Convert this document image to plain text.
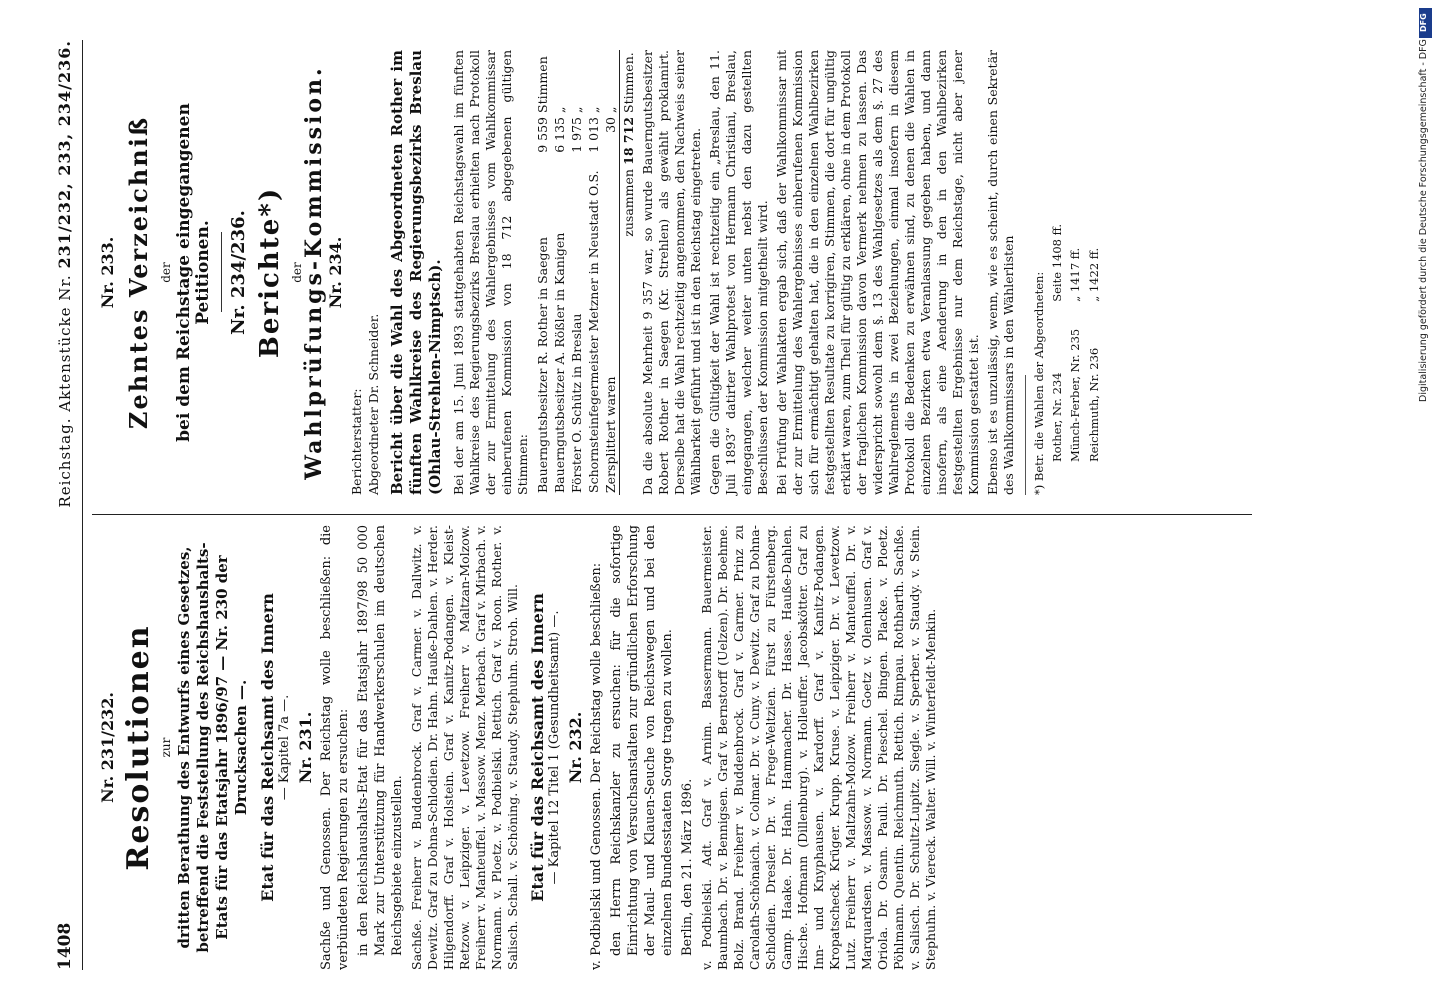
1408
Reichstag. Aktenstücke Nr. 231/232, 233, 234/236.
Nr. 231/232. Resolutionen zur dritten Berathung des Entwurfs eines Gesetzes, betreffend die Feststellung des Reichshaushalts-Etats für das Etatsjahr 1896/97 — Nr. 230 der Drucksachen —. Etat für das Reichsamt des Innern — Kapitel 7a —. Nr. 231. Sachße und Genossen. Der Reichstag wolle beschließen: die verbündeten Regierungen zu ersuchen: in den Reichshaushalts-Etat für das Etatsjahr 1897/98 50 000 Mark zur Unterstützung für Handwerkerschulen im deutschen Reichsgebiete einzustellen. Sachße. Freiherr v. Buddenbrock. Graf v. Carmer. v. Dallwitz. v. Dewitz. Graf zu Dohna-Schlodien. Dr. Hahn. Hauße-Dahlen. v. Herder. Hilgendorff. Graf v. Holstein. Graf v. Kanitz-Podangen. v. Kleist-Retzow. v. Leipziger. v. Levetzow. Freiherr v. Maltzan-Molzow. Freiherr v. Manteuffel. v. Massow. Menz. Merbach. Graf v. Mirbach. v. Normann. v. Ploetz. v. Podbielski. Rettich. Graf v. Roon. Rother. v. Salisch. Schall. v. Schöning. v. Staudy. Stephuhn. Stroh. Will. Etat für das Reichsamt des Innern — Kapitel 12 Titel 1 (Gesundheitsamt) —. Nr. 232. v. Podbielski und Genossen. Der Reichstag wolle beschließen: den Herrn Reichskanzler zu ersuchen: für die sofortige Einrichtung von Versuchsanstalten zur gründlichen Erforschung der Maul- und Klauen-Seuche von Reichswegen und bei den einzelnen Bundesstaaten Sorge tragen zu wollen. Berlin, den 21. März 1896. v. Podbielski. Adt. Graf v. Arnim. Bassermann. Bauermeister. Baumbach. Dr. v. Bennigsen. Graf v. Bernstorff (Uelzen). Dr. Boehme. Bolz. Brand. Freiherr v. Buddenbrock. Graf v. Carmer. Prinz zu Carolath-Schönaich. v. Colmar. Dr. v. Cuny. v. Dewitz. Graf zu Dohna-Schlodien. Dresler. Dr. v. Frege-Weltzien. Fürst zu Fürstenberg. Gamp. Haake. Dr. Hahn. Hammacher. Dr. Hasse. Hauße-Dahlen. Hische. Hofmann (Dillenburg). v. Holleuffer. Jacobskötter. Graf zu Inn- und Knyphausen. v. Kardorff. Graf v. Kanitz-Podangen. Kropatscheck. Krüger. Krupp. Kruse. v. Leipziger. Dr. v. Levetzow. Lutz. Freiherr v. Maltzahn-Molzow. Freiherr v. Manteuffel. Dr. v. Marquardsen. v. Massow. v. Normann. Goetz v. Olenhusen. Graf v. Oriola. Dr. Osann. Pauli. Dr. Pieschel. Bingen. Placke. v. Ploetz. Pöhlmann. Quentin. Reichmuth. Rettich. Rimpau. Rothbarth. Sachße. v. Salisch. Dr. Schultz-Lupitz. Siegle. v. Sperber. v. Staudy. v. Stein. Stephuhn. v. Viereck. Walter. Will. v. Winterfeldt-Menkin.

Nr. 233. Zehntes Verzeichniß der bei dem Reichstage eingegangenen Petitionen. Nr. 234/236. Berichte*) der
Wahlprüfungs-Kommission. Nr. 234.
Berichterstatter: Abgeordneter Dr. Schneider. Bericht über die Wahl des Abgeordneten Rother im fünften Wahlkreise des Regierungsbezirks Breslau (Ohlau-Strehlen-Nimptsch). Bei der am 15. Juni 1893 stattgehabten Reichstagswahl im fünften Wahlkreise des Regierungsbezirks Breslau erhielten nach Protokoll der zur Ermittelung des Wahlergebnisses vom Wahlkommissar einberufenen Kommission von 18 712 abgegebenen gültigen Stimmen: Bauerngutsbesitzer R. Rother in Saegen	9 559	Stimmen
Bauerngutsbesitzer A. Rößler in Kanigen	6 135	„
Förster O. Schütz in Breslau	1 975	„
Schornsteinfegermeister Metzner in Neustadt O.S.	1 013	„
Zersplittert waren	30	„
zusammen	18 712	Stimmen. Da die absolute Mehrheit 9 357 war, so wurde Bauerngutsbesitzer Robert Rother in Saegen (Kr. Strehlen) als gewählt proklamirt. Derselbe hat die Wahl rechtzeitig angenommen, den Nachweis seiner Wählbarkeit geführt und ist in den Reichstag eingetreten. Gegen die Gültigkeit der Wahl ist rechtzeitig ein „Breslau, den 11. Juli 1893“ datirter Wahlprotest von Hermann Christiani, Breslau, eingegangen, welcher weiter unten nebst den dazu gestellten Beschlüssen der Kommission mitgetheilt wird. Bei Prüfung der Wahlakten ergab sich, daß der Wahlkommissar mit der zur Ermittelung des Wahlergebnisses einberufenen Kommission sich für ermächtigt gehalten hat, die in den einzelnen Wahlbezirken festgestellten Resultate zu korrigiren, Stimmen, die dort für ungültig erklärt waren, zum Theil für gültig zu erklären, ohne in dem Protokoll der fraglichen Kommission davon Vermerk nehmen zu lassen. Das widerspricht sowohl dem §. 13 des Wahlgesetzes als dem §. 27 des Wahlreglements in zwei Beziehungen, einmal insofern in diesem Protokoll die Bedenken zu erwähnen sind, zu denen die Wahlen in einzelnen Bezirken etwa Veranlassung gegeben haben, und dann insofern, als eine Aenderung in den in den Wahlbezirken festgestellten Ergebnisse nur dem Reichstage, nicht aber jener Kommission gestattet ist. Ebenso ist es unzulässig, wenn, wie es scheint, durch einen Sekretär des Wahlkommissars in den Wählerlisten *) Betr. die Wahlen der Abgeordneten: Rother, Nr. 234	Seite 1408 ff.
Münch-Ferber, Nr. 235	„ 1417 ff.
Reichmuth, Nr. 236	„ 1422 ff.
DFG
Digitalisierung gefördert durch die Deutsche Forschungsgemeinschaft - DFG
